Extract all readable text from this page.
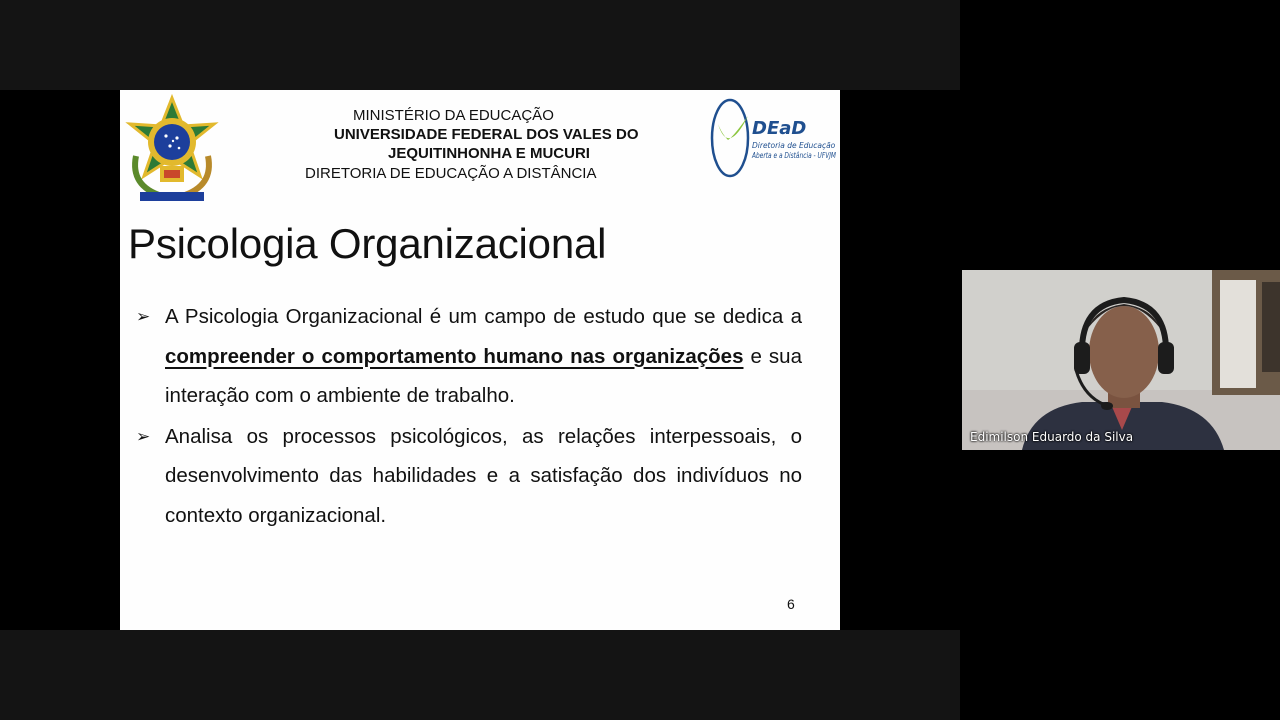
MINISTÉRIO DA EDUCAÇÃO
UNIVERSIDADE FEDERAL DOS VALES DO
JEQUITINHONHA E MUCURI
DIRETORIA DE EDUCAÇÃO A DISTÂNCIA
DEaD
Diretoria de Educação
Aberta e a Distância - UFVJM
Psicologia Organizacional
➢ A Psicologia Organizacional é um campo de estudo que se dedica a compreender o comportamento humano nas organizações e sua interação com o ambiente de trabalho.
➢ Analisa os processos psicológicos, as relações interpessoais, o desenvolvimento das habilidades e a satisfação dos indivíduos no contexto organizacional.
6
Edimilson Eduardo da Silva
